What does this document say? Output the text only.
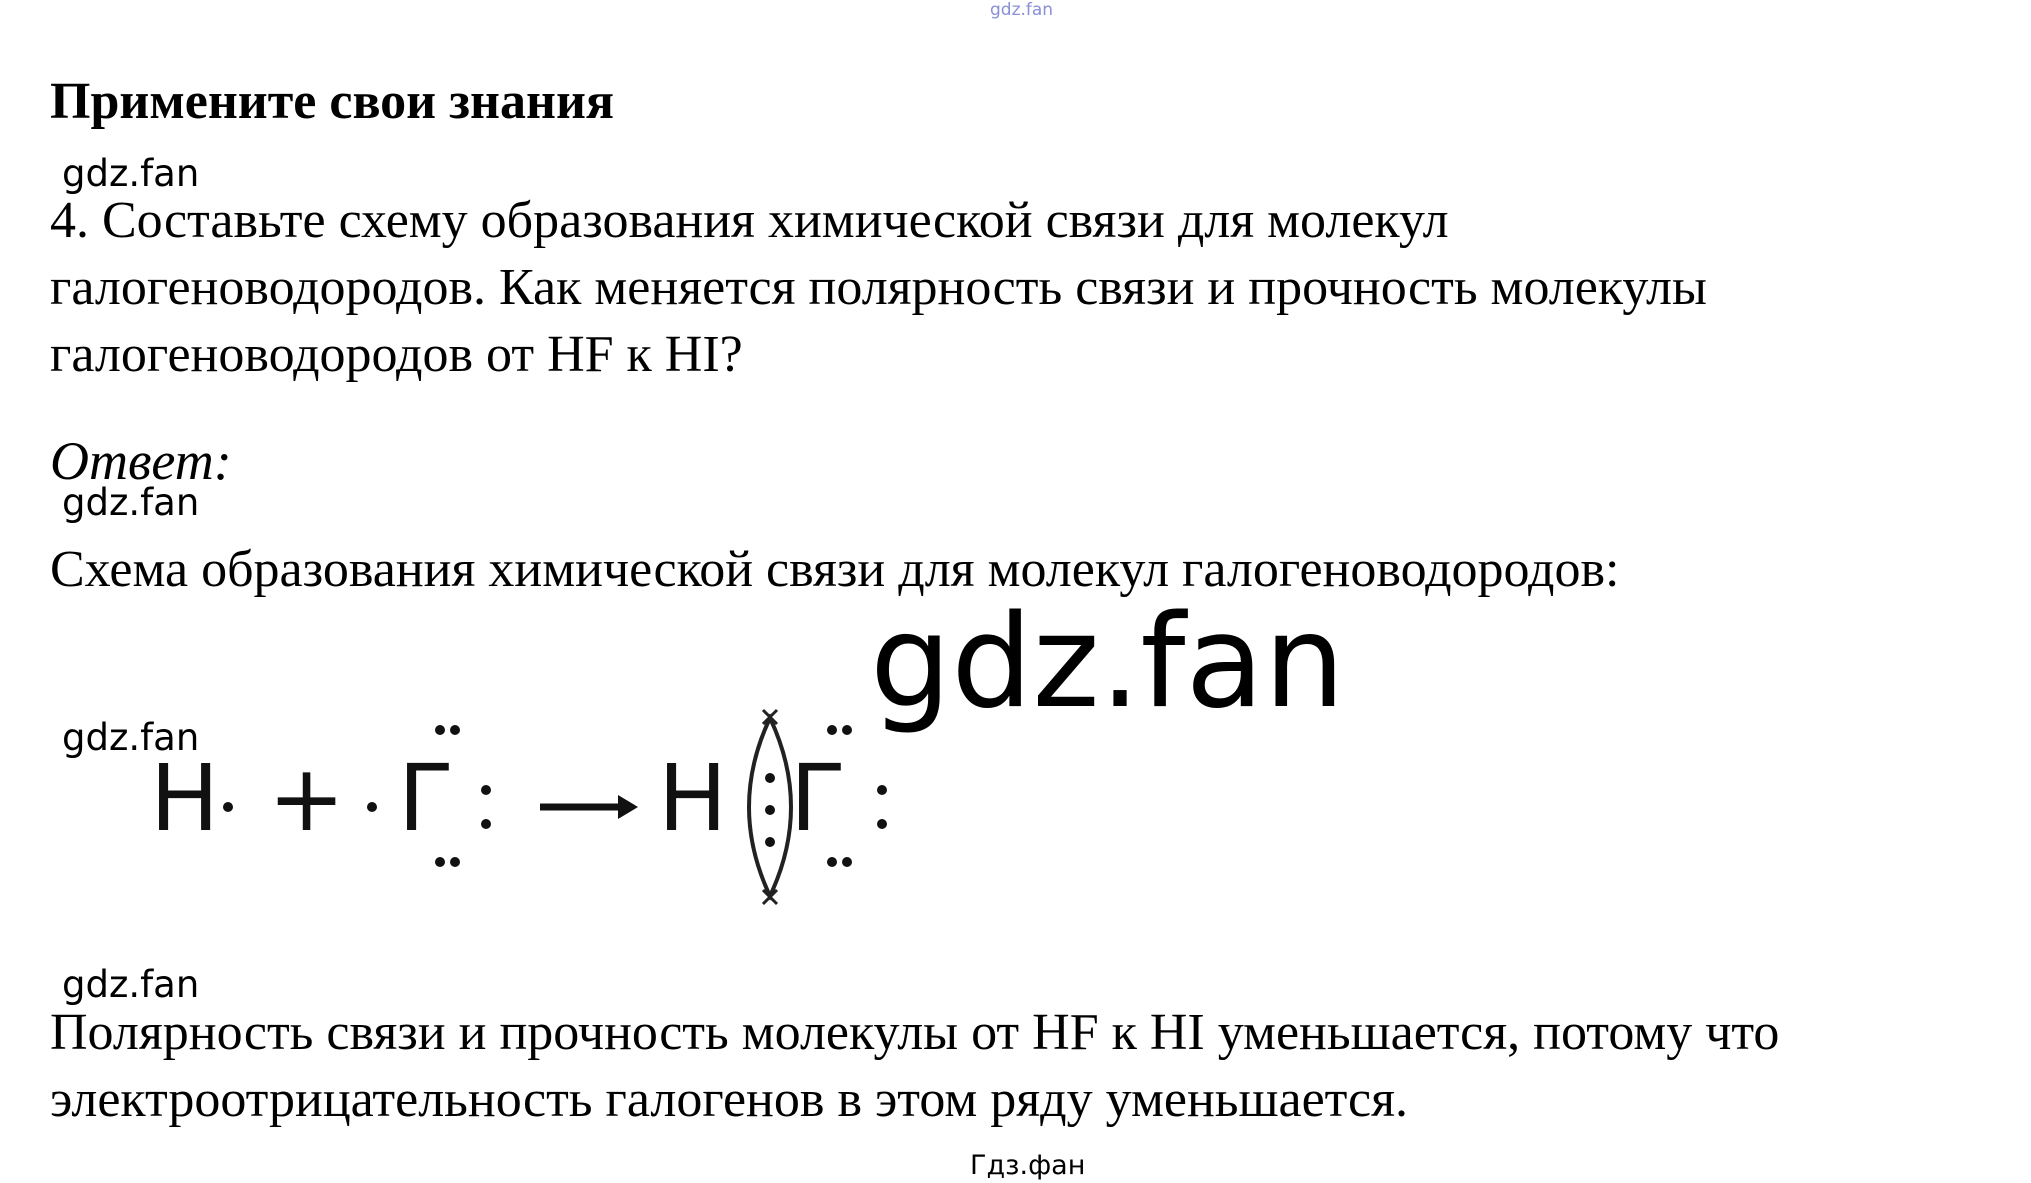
gdz.fan
Примените свои знания
gdz.fan
4. Составьте схему образования химической связи для молекул
галогеноводородов. Как меняется полярность связи и прочность молекулы
галогеноводородов от HF к HI?
Ответ:
gdz.fan
Схема образования химической связи для молекул галогеноводородов:
gdz.fan
gdz.fan
H + Г H Г
gdz.fan
Полярность связи и прочность молекулы от HF к HI уменьшается, потому что
электроотрицательность галогенов в этом ряду уменьшается.
Гдз.фан
